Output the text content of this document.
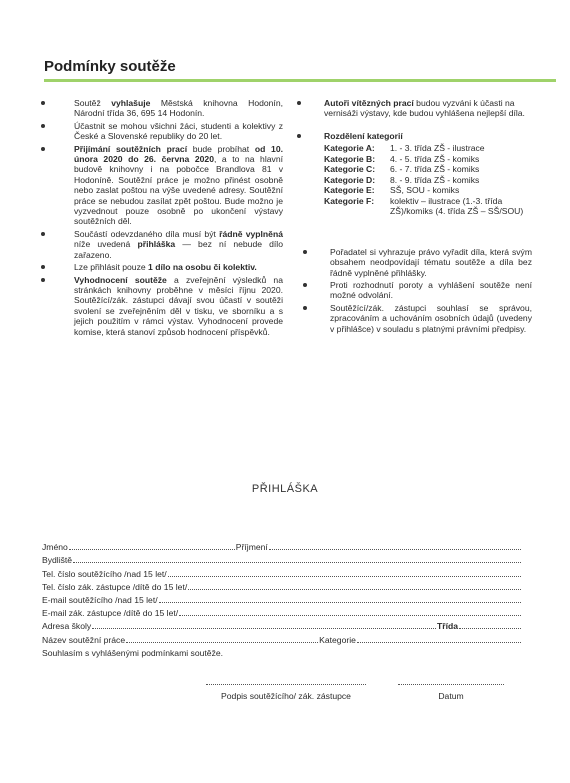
Podmínky soutěže
Soutěž vyhlašuje Městská knihovna Hodonín, Národní třída 36, 695 14 Hodonín.
Účastnit se mohou všichni žáci, studenti a kolektivy z České a Slovenské republiky do 20 let.
Přijímání soutěžních prací bude probíhat od 10. února 2020 do 26. června 2020, a to na hlavní budově knihovny i na pobočce Brandlova 81 v Hodoníně. Soutěžní práce je možno přinést osobně nebo zaslat poštou na výše uvedené adresy. Soutěžní práce se nebudou zasílat zpět poštou. Bude možno je vyzvednout pouze osobně po ukončení výstavy soutěžních děl.
Součástí odevzdaného díla musí být řádně vyplněná níže uvedená přihláška — bez ní nebude dílo zařazeno.
Lze přihlásit pouze 1 dílo na osobu či kolektiv.
Vyhodnocení soutěže a zveřejnění výsledků na stránkách knihovny proběhne v měsíci říjnu 2020. Soutěžící/zák. zástupci dávají svou účastí v soutěži svolení se zveřejněním děl v tisku, ve sborníku a s jejich použitím v rámci výstav. Vyhodnocení provede komise, která stanoví způsob hodnocení příspěvků.
Autoři vítězných prací budou vyzváni k účasti na vernisáži výstavy, kde budou vyhlášena nejlepší díla.
Rozdělení kategorií
Kategorie A:	1. - 3. třída ZŠ - ilustrace
Kategorie B:	4. - 5. třída ZŠ - komiks
Kategorie C:	6. - 7. třída ZŠ - komiks
Kategorie D:	8. - 9. třída ZŠ - komiks
Kategorie E:	SŠ, SOU - komiks
Kategorie F:	kolektiv – ilustrace (1.-3. třída ZŠ)/komiks (4. třída ZŠ – SŠ/SOU)
Pořadatel si vyhrazuje právo vyřadit díla, která svým obsahem neodpovídají tématu soutěže a díla bez řádně vyplněné přihlášky.
Proti rozhodnutí poroty a vyhlášení soutěže není možné odvolání.
Soutěžící/zák. zástupci souhlasí se správou, zpracováním a uchováním osobních údajů (uvedeny v přihlášce) v souladu s platnými právními předpisy.
PŘIHLÁŠKA
Jméno	Příjmení
Bydliště
Tel. číslo soutěžícího /nad 15 let/
Tel. číslo zák. zástupce /dítě do 15 let/
E-mail soutěžícího /nad 15 let/
E-mail zák. zástupce /dítě do 15 let/
Adresa školy	Třída
Název soutěžní práce	Kategorie
Souhlasím s vyhlášenými podmínkami soutěže.
Podpis soutěžícího/ zák. zástupce	Datum
